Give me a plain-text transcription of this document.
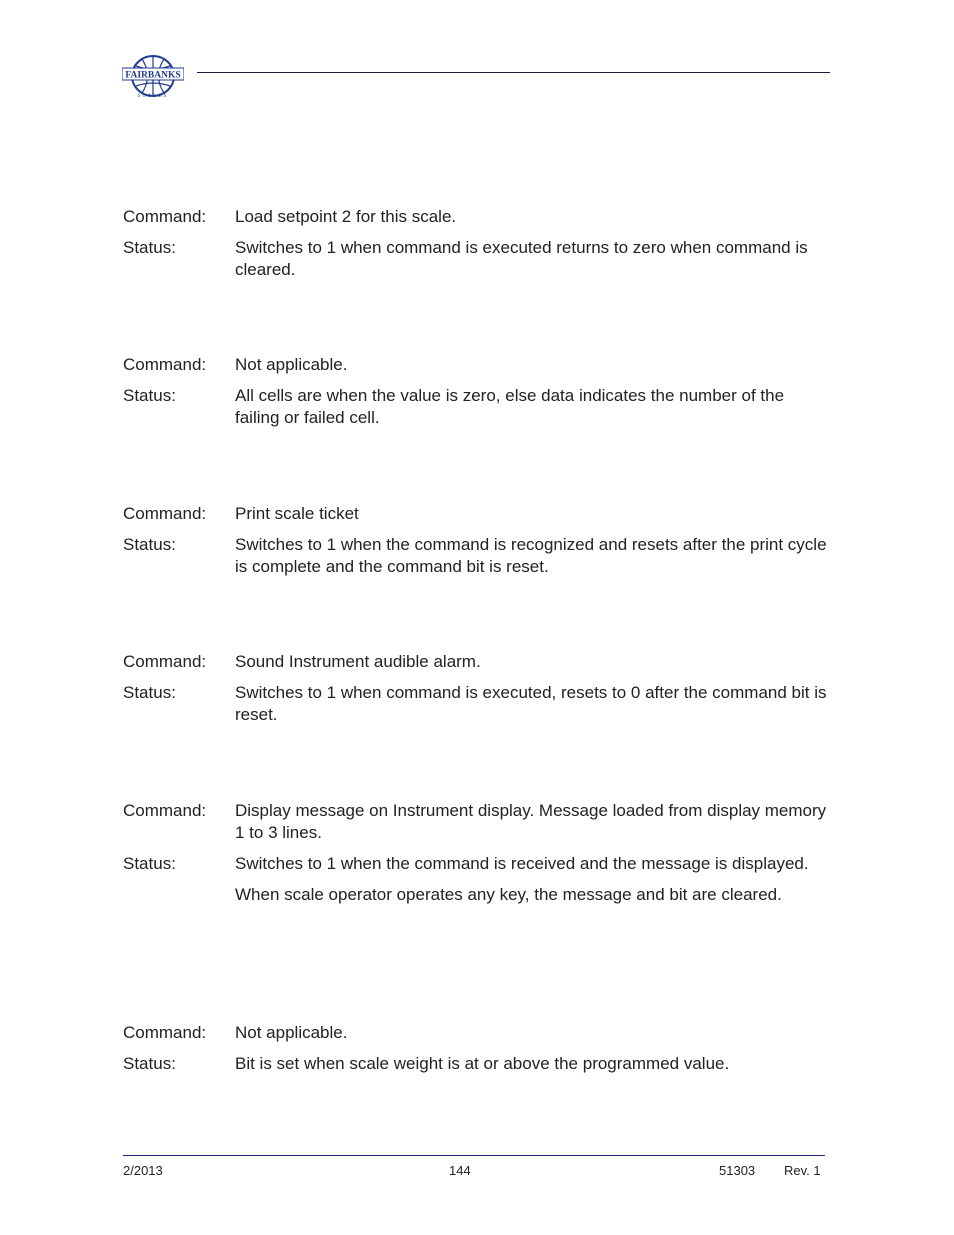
FAIRBANKS
SCALES
Command:	Load setpoint 2 for this scale.
Status:	Switches to 1 when command is executed returns to zero when command is cleared.
Command:	Not applicable.
Status:	All cells are when the value is zero, else data indicates the number of the failing or failed cell.
Command:	Print scale ticket
Status:	Switches to 1 when the command is recognized and resets after the print cycle is complete and the command bit is reset.
Command:	Sound Instrument audible alarm.
Status:	Switches to 1 when command is executed, resets to 0 after the command bit is reset.
Command:	Display message on Instrument display. Message loaded from display memory 1 to 3 lines.
Status:	Switches to 1 when the command is received and the message is displayed.
When scale operator operates any key, the message and bit are cleared.
Command:	Not applicable.
Status:	Bit is set when scale weight is at or above the programmed value.
2/2013	144	51303 Rev. 1
